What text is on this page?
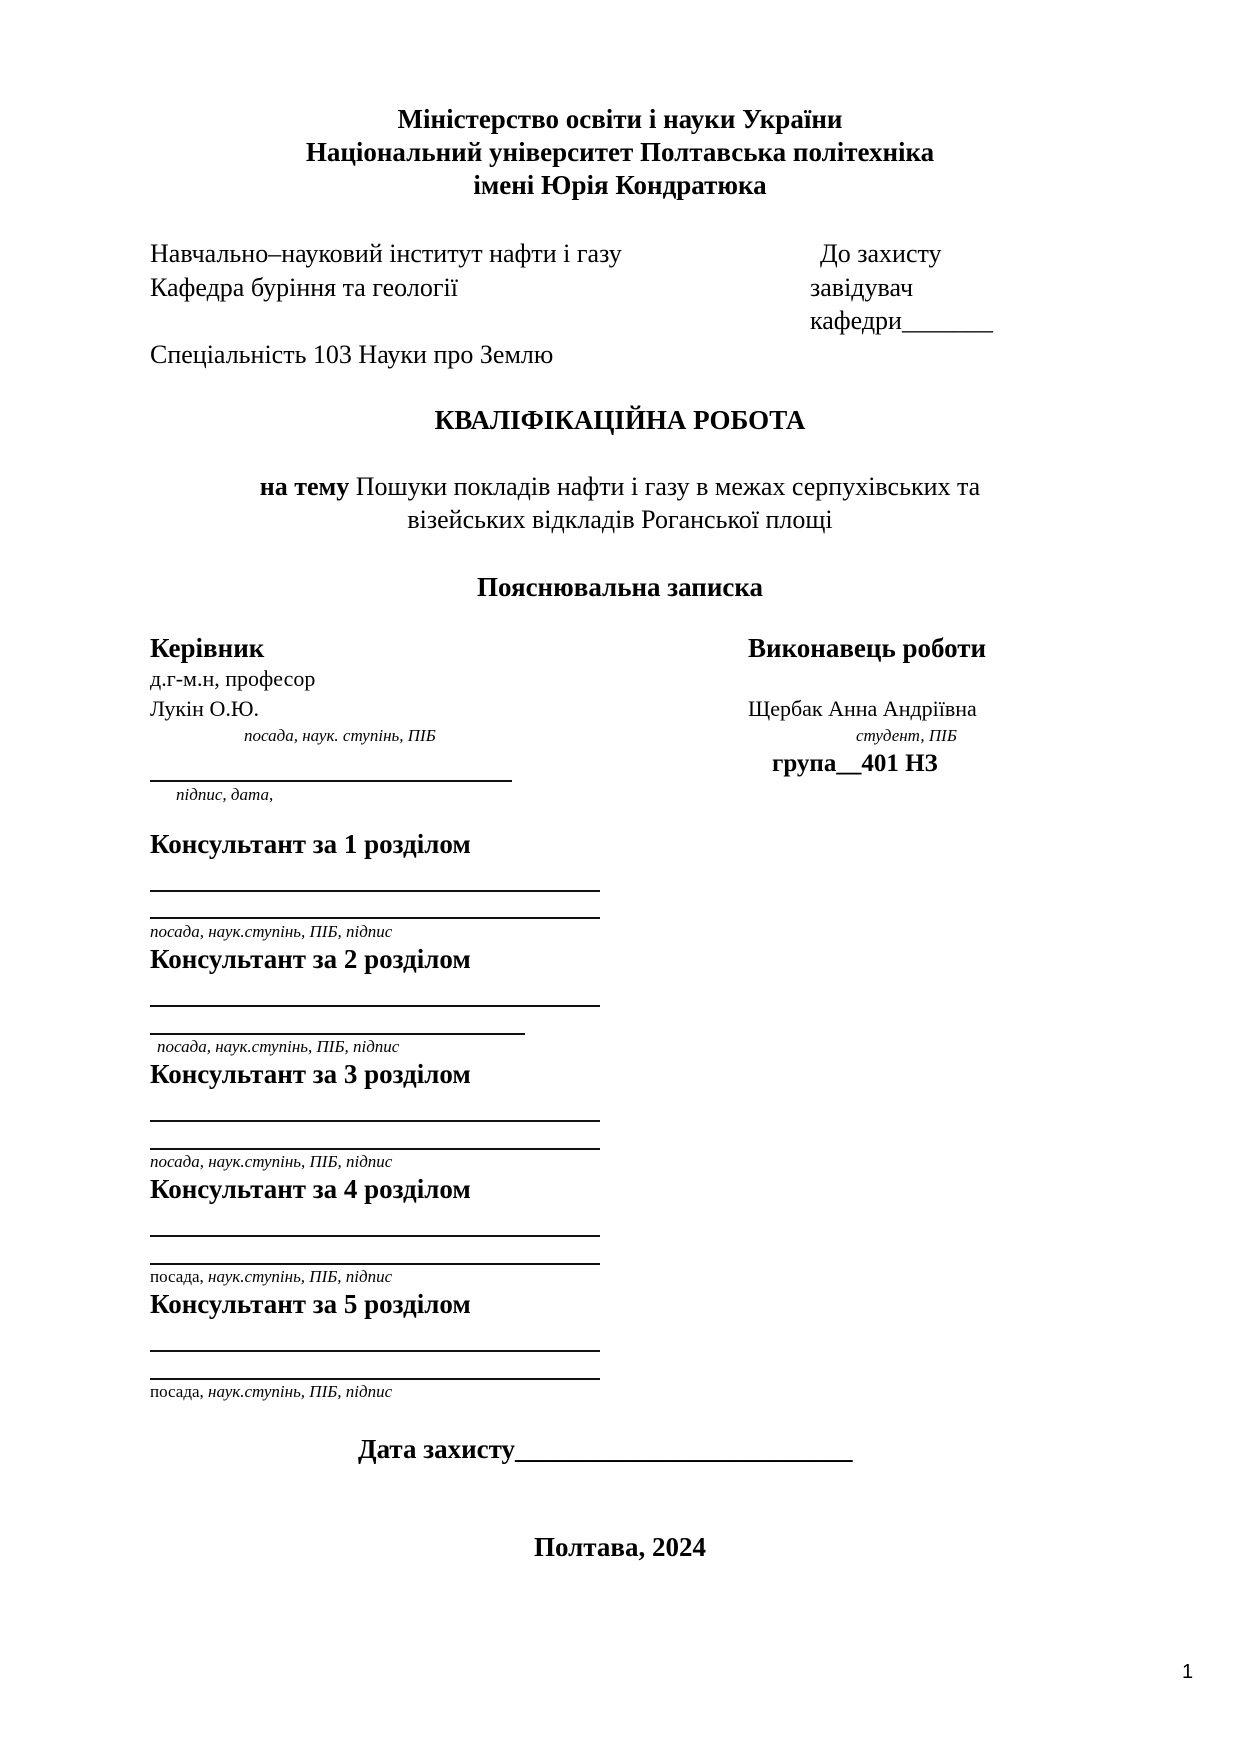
Міністерство освіти і науки України
Національний університет Полтавська політехніка
імені Юрія Кондратюка
Навчально–науковий інститут нафти і газу
Кафедра буріння та геології
Спеціальність 103 Науки про Землю
До захисту
завідувач
кафедри_______
КВАЛІФІКАЦІЙНА РОБОТА
на тему Пошуки покладів нафти і газу в межах серпухівських та
візейських відкладів Роганської площі
Пояснювальна записка
Керівник
д.г-м.н, професор
Лукін О.Ю.
посада, наук. ступінь, ПІБ
підпис, дата,
Виконавець роботи
Щербак Анна Андріївна
студент, ПІБ
група__401 НЗ
Консультант за 1 розділом
посада, наук.ступінь, ПІБ, підпис
Консультант за 2 розділом
посада, наук.ступінь, ПІБ, підпис
Консультант за 3 розділом
посада, наук.ступінь, ПІБ, підпис
Консультант за 4 розділом
посада, наук.ступінь, ПІБ, підпис
Консультант за 5 розділом
посада, наук.ступінь, ПІБ, підпис
Дата захисту_________________________
Полтава, 2024
1
